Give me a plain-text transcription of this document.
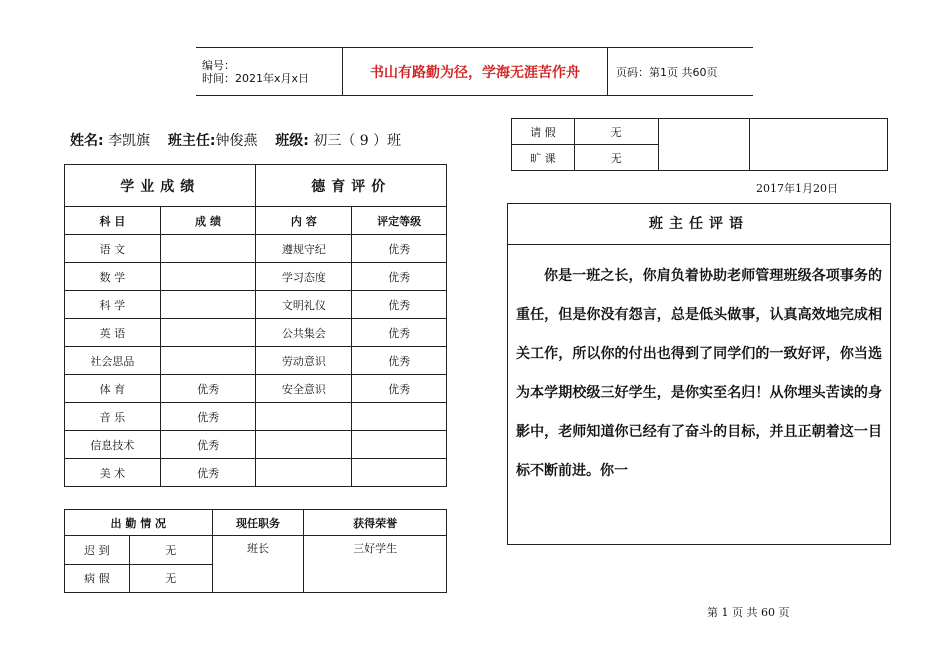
编号：
时间：2021年x月x日	书山有路勤为径，学海无涯苦作舟	页码：第1页 共60页
姓名: 李凯旗 班主任:钟俊燕 班级: 初三（ 9 ）班
学业成绩		德育评价	
科 目	成 绩	内 容	评定等级
语 文		遵规守纪	优秀
数 学		学习态度	优秀
科 学		文明礼仪	优秀
英 语		公共集会	优秀
社会思品		劳动意识	优秀
体 育	优秀	安全意识	优秀
音 乐	优秀		
信息技术	优秀		
美 术	优秀		
出 勤 情 况		现任职务	获得荣誉
迟 到	无	班长	三好学生
病 假	无		
请 假	无		
旷 课	无		
2017年1月20日
班主任评语
你是一班之长，你肩负着协助老师管理班级各项事务的重任，但是你没有怨言，总是低头做事，认真高效地完成相关工作，所以你的付出也得到了同学们的一致好评，你当选为本学期校级三好学生，是你实至名归！从你埋头苦读的身影中，老师知道你已经有了奋斗的目标，并且正朝着这一目标不断前进。你一
第 1 页 共 60 页
